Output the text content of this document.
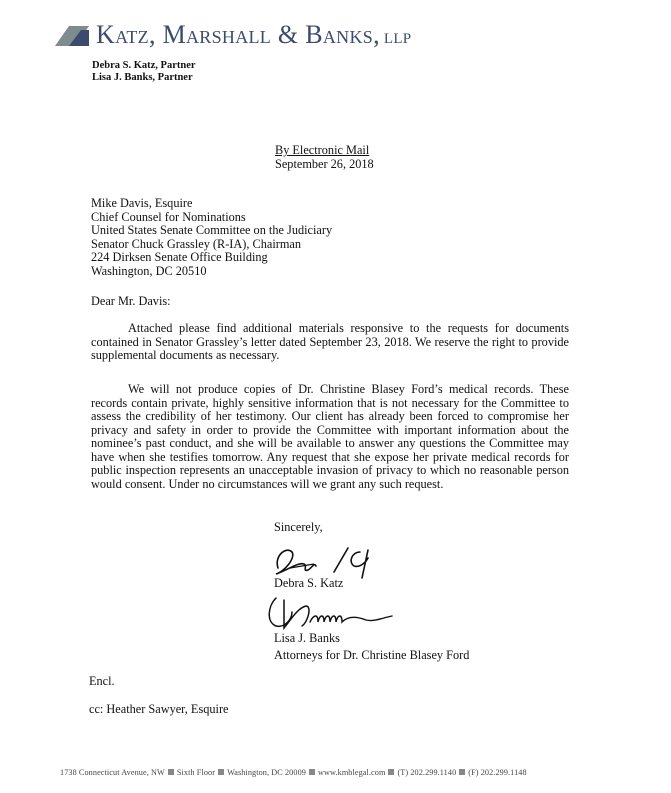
Katz, Marshall & Banks, LLP
Debra S. Katz, Partner
Lisa J. Banks, Partner
By Electronic Mail
September 26, 2018
Mike Davis, Esquire
Chief Counsel for Nominations
United States Senate Committee on the Judiciary
Senator Chuck Grassley (R-IA), Chairman
224 Dirksen Senate Office Building
Washington, DC 20510
Dear Mr. Davis:

Attached please find additional materials responsive to the requests for documents contained in Senator Grassley’s letter dated September 23, 2018. We reserve the right to provide supplemental documents as necessary.

We will not produce copies of Dr. Christine Blasey Ford’s medical records. These records contain private, highly sensitive information that is not necessary for the Committee to assess the credibility of her testimony. Our client has already been forced to compromise her privacy and safety in order to provide the Committee with important information about the nominee’s past conduct, and she will be available to answer any questions the Committee may have when she testifies tomorrow. Any request that she expose her private medical records for public inspection represents an unacceptable invasion of privacy to which no reasonable person would consent. Under no circumstances will we grant any such request.

Sincerely,
Debra S. Katz
Lisa J. Banks
Attorneys for Dr. Christine Blasey Ford
Encl.
cc: Heather Sawyer, Esquire
1738 Connecticut Avenue, NW Sixth Floor Washington, DC 20009 www.kmblegal.com (T) 202.299.1140 (F) 202.299.1148
